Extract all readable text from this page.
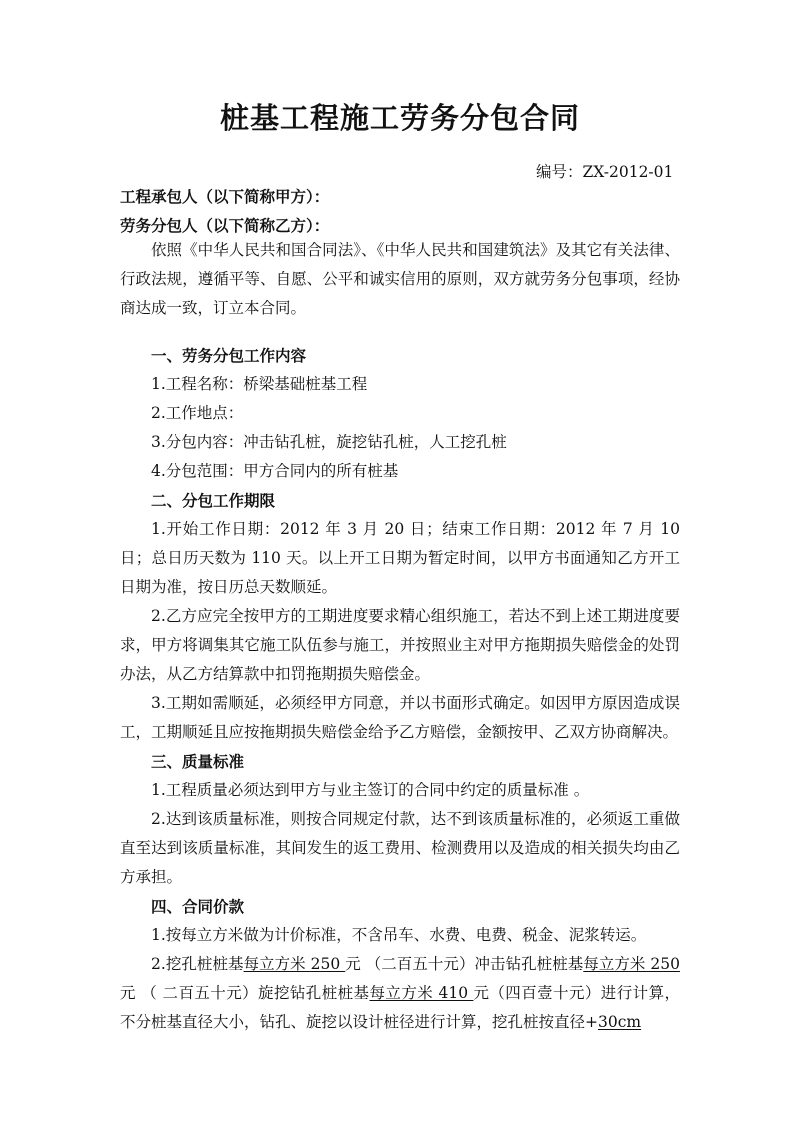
桩基工程施工劳务分包合同
编号：ZX-2012-01
工程承包人（以下简称甲方）：
劳务分包人（以下简称乙方）：

依照《中华人民共和国合同法》、《中华人民共和国建筑法》及其它有关法律、行政法规，遵循平等、自愿、公平和诚实信用的原则，双方就劳务分包事项，经协商达成一致，订立本合同。

一、劳务分包工作内容

1.工程名称：桥梁基础桩基工程

2.工作地点：

3.分包内容：冲击钻孔桩，旋挖钻孔桩，人工挖孔桩

4.分包范围：甲方合同内的所有桩基

二、分包工作期限

1.开始工作日期：2012 年 3 月 20 日；结束工作日期：2012 年 7 月 10 日；总日历天数为 110 天。以上开工日期为暂定时间，以甲方书面通知乙方开工日期为准，按日历总天数顺延。

2.乙方应完全按甲方的工期进度要求精心组织施工，若达不到上述工期进度要求，甲方将调集其它施工队伍参与施工，并按照业主对甲方拖期损失赔偿金的处罚办法，从乙方结算款中扣罚拖期损失赔偿金。

3.工期如需顺延，必须经甲方同意，并以书面形式确定。如因甲方原因造成误工，工期顺延且应按拖期损失赔偿金给予乙方赔偿，金额按甲、乙双方协商解决。

三、质量标准

1.工程质量必须达到甲方与业主签订的合同中约定的质量标准 。

2.达到该质量标准，则按合同规定付款，达不到该质量标准的，必须返工重做直至达到该质量标准，其间发生的返工费用、检测费用以及造成的相关损失均由乙方承担。

四、合同价款

1.按每立方米做为计价标准，不含吊车、水费、电费、税金、泥浆转运。

2.挖孔桩桩基每立方米 250 元 （二百五十元）冲击钻孔桩桩基每立方米 250 元 （ 二百五十元）旋挖钻孔桩桩基每立方米 410 元（四百壹十元）进行计算，不分桩基直径大小，钻孔、旋挖以设计桩径进行计算，挖孔桩按直径+30cm
